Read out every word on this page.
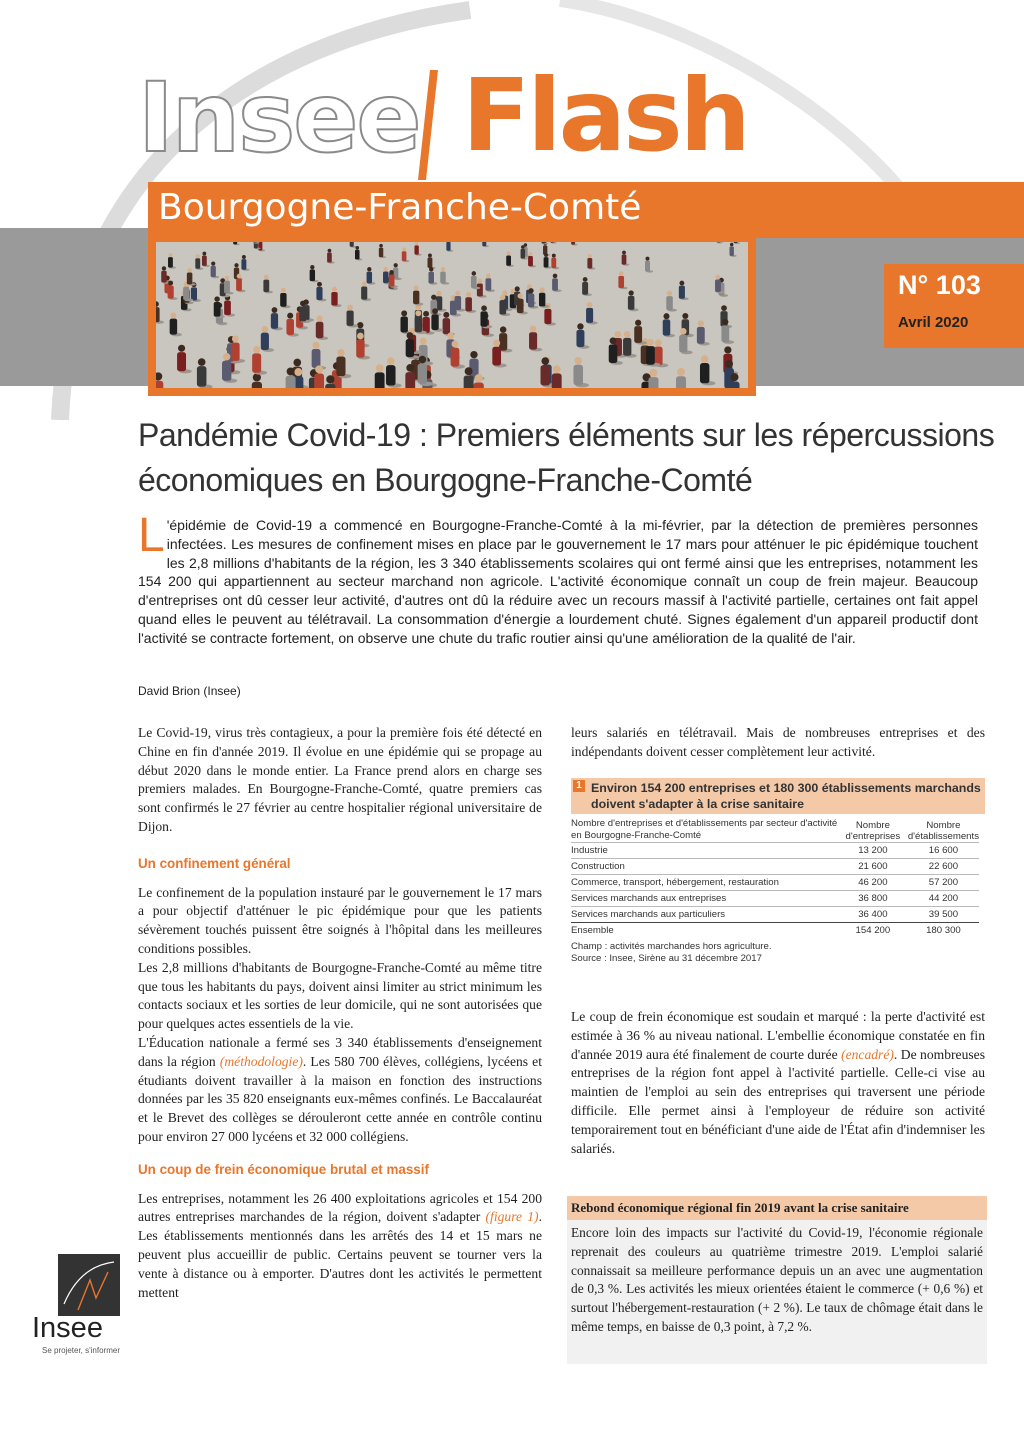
Insee Flash
Bourgogne-Franche-Comté
N° 103
Avril 2020
Pandémie Covid-19 : Premiers éléments sur les répercussions
économiques en Bourgogne-Franche-Comté
L 'épidémie de Covid-19 a commencé en Bourgogne-Franche-Comté à la mi-février, par la détection de premières personnes infectées. Les mesures de confinement mises en place par le gouvernement le 17 mars pour atténuer le pic épidémique touchent les 2,8 millions d'habitants de la région, les 3 340 établissements scolaires qui ont fermé ainsi que les entreprises, notamment les 154 200 qui appartiennent au secteur marchand non agricole. L'activité économique connaît un coup de frein majeur. Beaucoup d'entreprises ont dû cesser leur activité, d'autres ont dû la réduire avec un recours massif à l'activité partielle, certaines ont fait appel quand elles le peuvent au télétravail. La consommation d'énergie a lourdement chuté. Signes également d'un appareil productif dont l'activité se contracte fortement, on observe une chute du trafic routier ainsi qu'une amélioration de la qualité de l'air.
David Brion (Insee)

Le Covid-19, virus très contagieux, a pour la première fois été détecté en Chine en fin d'année 2019. Il évolue en une épidémie qui se propage au début 2020 dans le monde entier. La France prend alors en charge ses premiers malades. En Bourgogne-Franche-Comté, quatre premiers cas sont confirmés le 27 février au centre hospitalier régional universitaire de Dijon.

Un confinement général

Le confinement de la population instauré par le gouvernement le 17 mars a pour objectif d'atténuer le pic épidémique pour que les patients sévèrement touchés puissent être soignés à l'hôpital dans les meilleures conditions possibles.

Les 2,8 millions d'habitants de Bourgogne-Franche-Comté au même titre que tous les habitants du pays, doivent ainsi limiter au strict minimum les contacts sociaux et les sorties de leur domicile, qui ne sont autorisées que pour quelques actes essentiels de la vie.

L'Éducation nationale a fermé ses 3 340 établissements d'enseignement dans la région (méthodologie). Les 580 700 élèves, collégiens, lycéens et étudiants doivent travailler à la maison en fonction des instructions données par les 35 820 enseignants eux-mêmes confinés. Le Baccalauréat et le Brevet des collèges se dérouleront cette année en contrôle continu pour environ 27 000 lycéens et 32 000 collégiens.

Un coup de frein économique brutal et massif

Les entreprises, notamment les 26 400 exploitations agricoles et 154 200 autres entreprises marchandes de la région, doivent s'adapter (figure 1). Les établissements mentionnés dans les arrêtés des 14 et 15 mars ne peuvent plus accueillir de public. Certains peuvent se tourner vers la vente à distance ou à emporter. D'autres dont les activités le permettent mettent

leurs salariés en télétravail. Mais de nombreuses entreprises et des indépendants doivent cesser complètement leur activité.

1 Environ 154 200 entreprises et 180 300 établissements marchands doivent s'adapter à la crise sanitaire
Nombre d'entreprises et d'établissements par secteur d'activité en Bourgogne-Franche-Comté	Nombre d'entreprises	Nombre d'établissements
Industrie	13 200	16 600
Construction	21 600	22 600
Commerce, transport, hébergement, restauration	46 200	57 200
Services marchands aux entreprises	36 800	44 200
Services marchands aux particuliers	36 400	39 500
Ensemble	154 200	180 300
Champ : activités marchandes hors agriculture.
Source : Insee, Sirène au 31 décembre 2017

Le coup de frein économique est soudain et marqué : la perte d'activité est estimée à 36 % au niveau national. L'embellie économique constatée en fin d'année 2019 aura été finalement de courte durée (encadré). De nombreuses entreprises de la région font appel à l'activité partielle. Celle-ci vise au maintien de l'emploi au sein des entreprises qui traversent une période difficile. Elle permet ainsi à l'employeur de réduire son activité temporairement tout en bénéficiant d'une aide de l'État afin d'indemniser les salariés.

Rebond économique régional fin 2019 avant la crise sanitaire
Encore loin des impacts sur l'activité du Covid-19, l'économie régionale reprenait des couleurs au quatrième trimestre 2019. L'emploi salarié connaissait sa meilleure performance depuis un an avec une augmentation de 0,3 %. Les activités les mieux orientées étaient le commerce (+ 0,6 %) et surtout l'hébergement-restauration (+ 2 %). Le taux de chômage était dans le même temps, en baisse de 0,3 point, à 7,2 %.
Insee
Se projeter, s'informer
